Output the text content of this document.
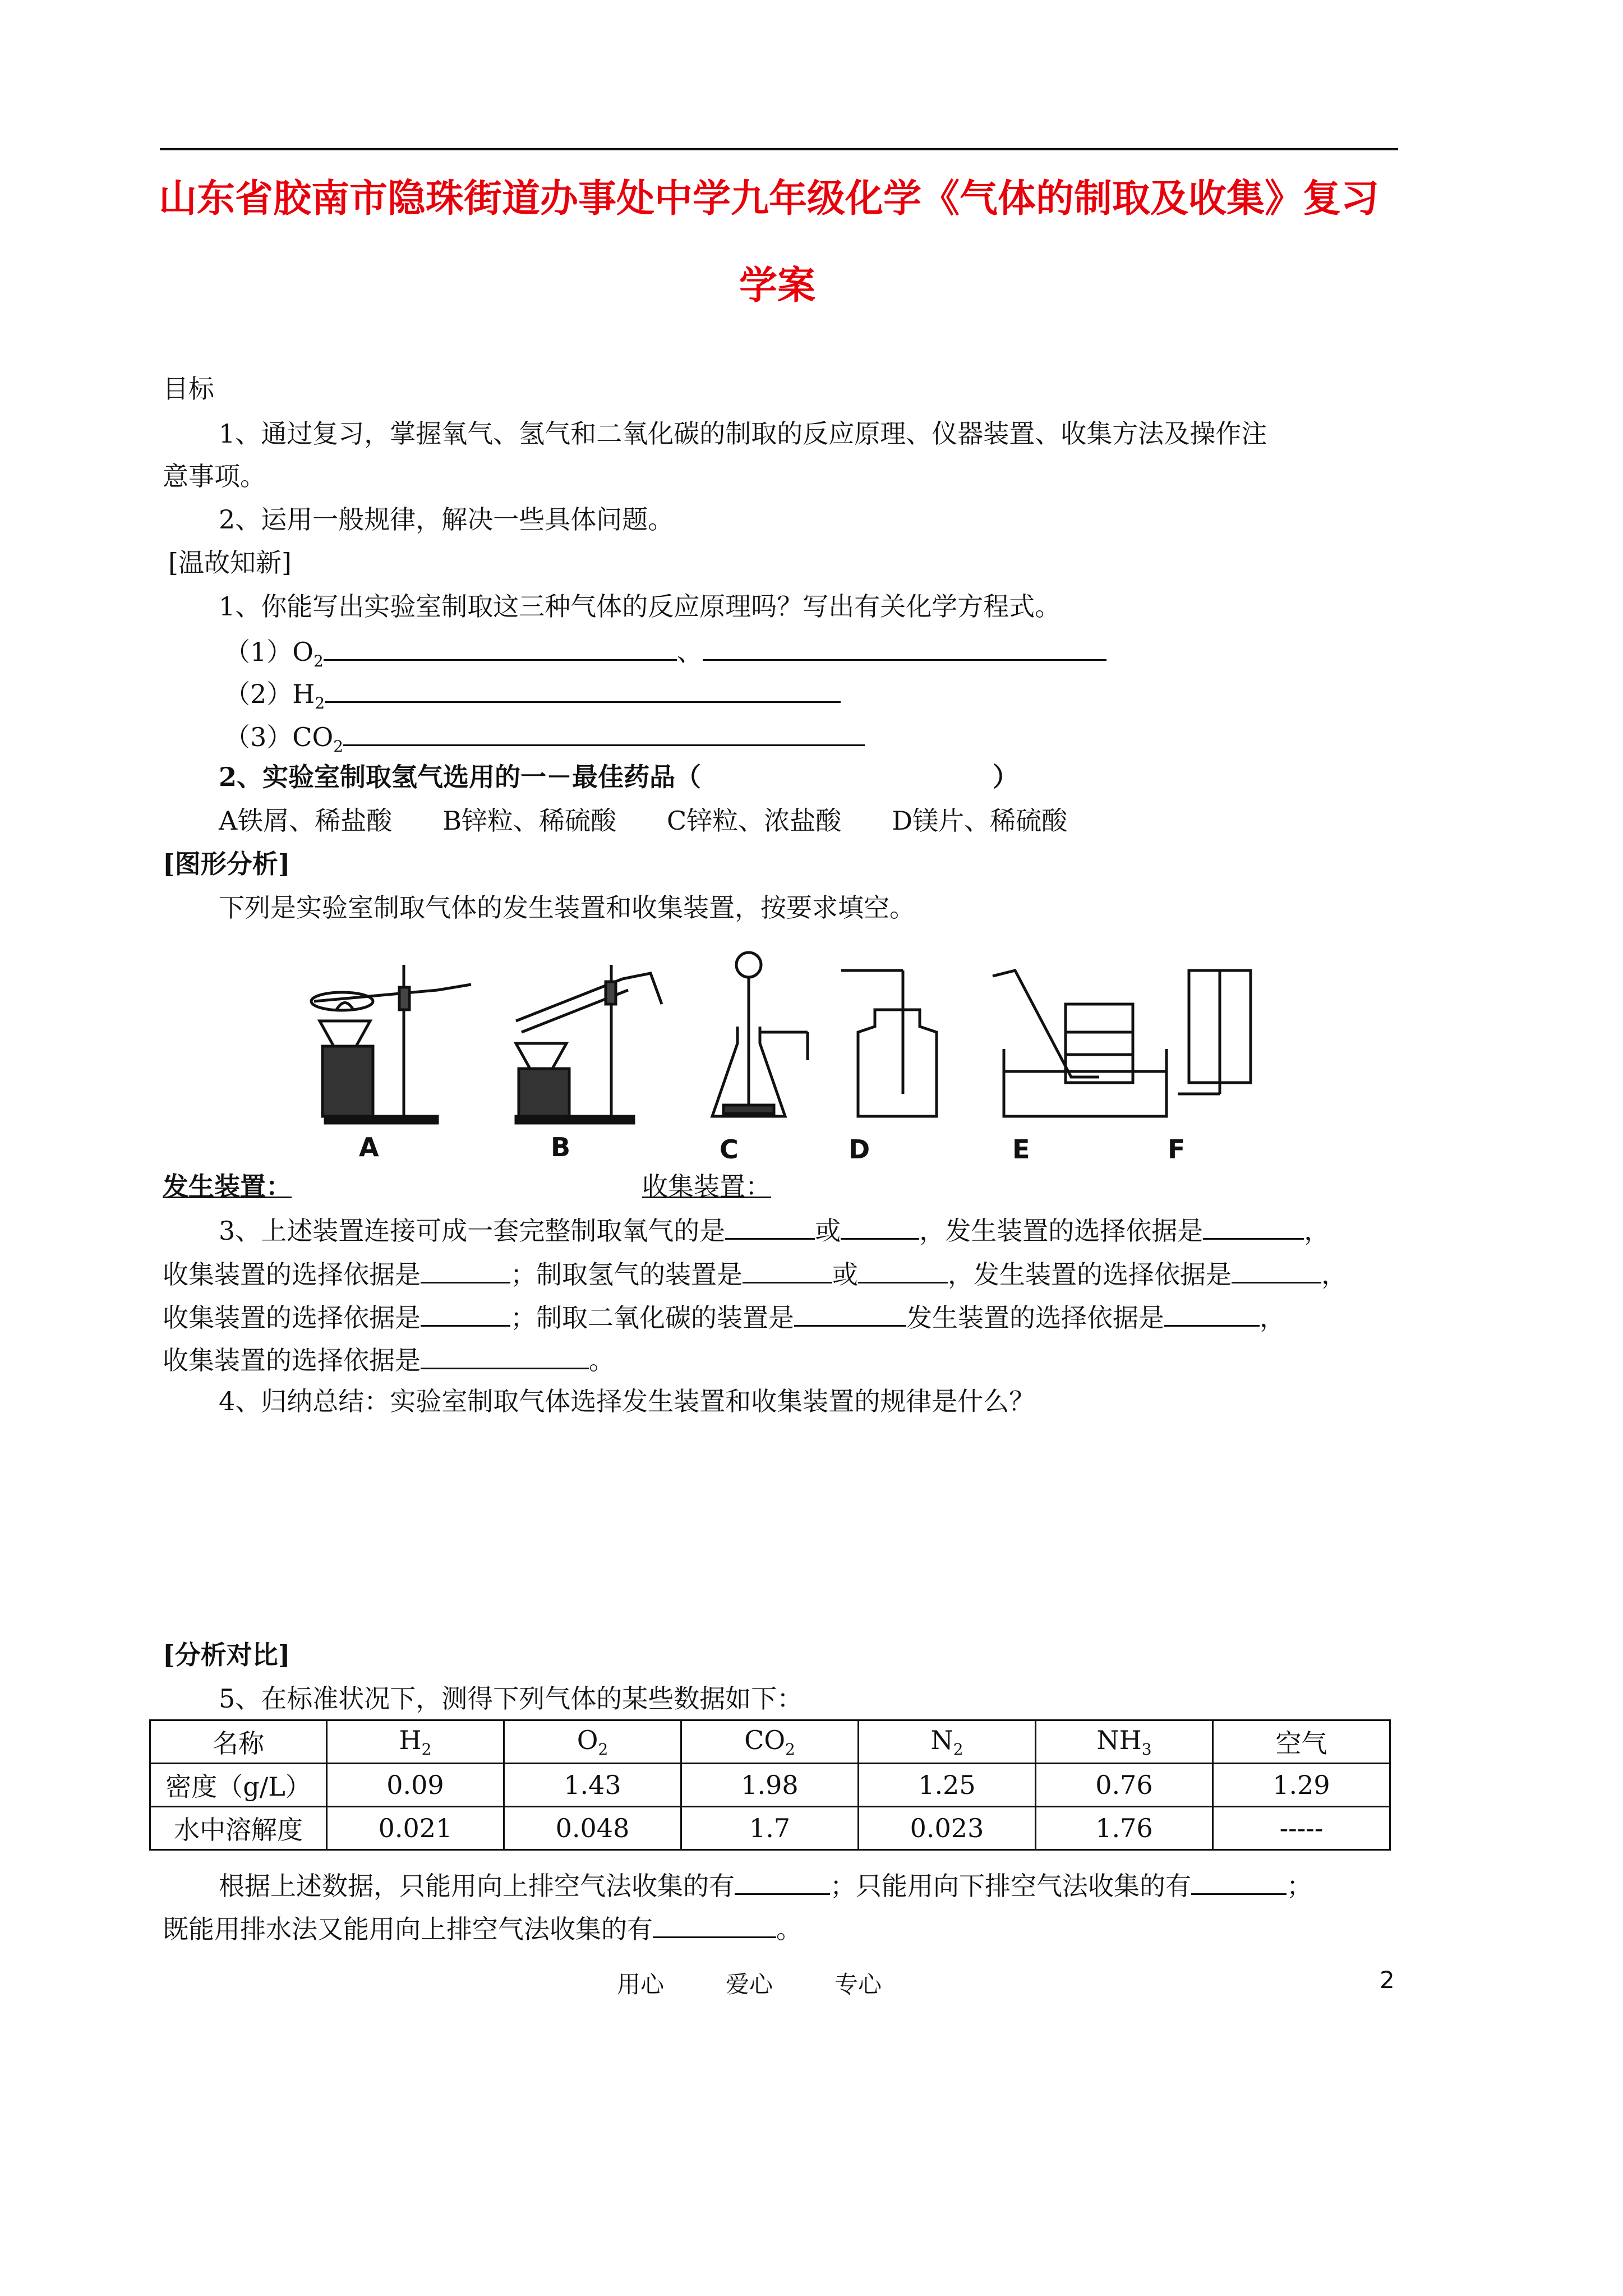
山东省胶南市隐珠街道办事处中学九年级化学《气体的制取及收集》复习
学案
目标
1、通过复习，掌握氧气、氢气和二氧化碳的制取的反应原理、仪器装置、收集方法及操作注
意事项。
2、运用一般规律，解决一些具体问题。
[温故知新]
1、你能写出实验室制取这三种气体的反应原理吗？写出有关化学方程式。
$(1)O_2$	、
$(2)H_2$
$(3)CO_2$
2、实验室制取氢气选用的一－最佳药品（	）
A铁屑、稀盐酸 B锌粒、稀硫酸 C锌粒、浓盐酸 D镁片、稀硫酸
[图形分析]
下列是实验室制取气体的发生装置和收集装置，按要求填空。
A	B	C	D	E	F
发生装置：	收集装置：
3、上述装置连接可成一套完整制取氧气的是	或	，发生装置的选择依据是	，
收集装置的选择依据是	；制取氢气的装置是	或	，发生装置的选择依据是	，
收集装置的选择依据是	；制取二氧化碳的装置是	发生装置的选择依据是	，
收集装置的选择依据是	。
4、归纳总结：实验室制取气体选择发生装置和收集装置的规律是什么？
[分析对比]
5、在标准状况下，测得下列气体的某些数据如下：
名称	$H_2$	$O_2$	$CO_2$	$N_2$	$NH_3$	空气
密度（g/L）	0.09	1.43	1.98	1.25	0.76	1.29
水中溶解度	0.021	0.048	1.7	0.023	1.76	-----
根据上述数据，只能用向上排空气法收集的有	；只能用向下排空气法收集的有	；
既能用排水法又能用向上排空气法收集的有	。
用心	爱心	专心	2
